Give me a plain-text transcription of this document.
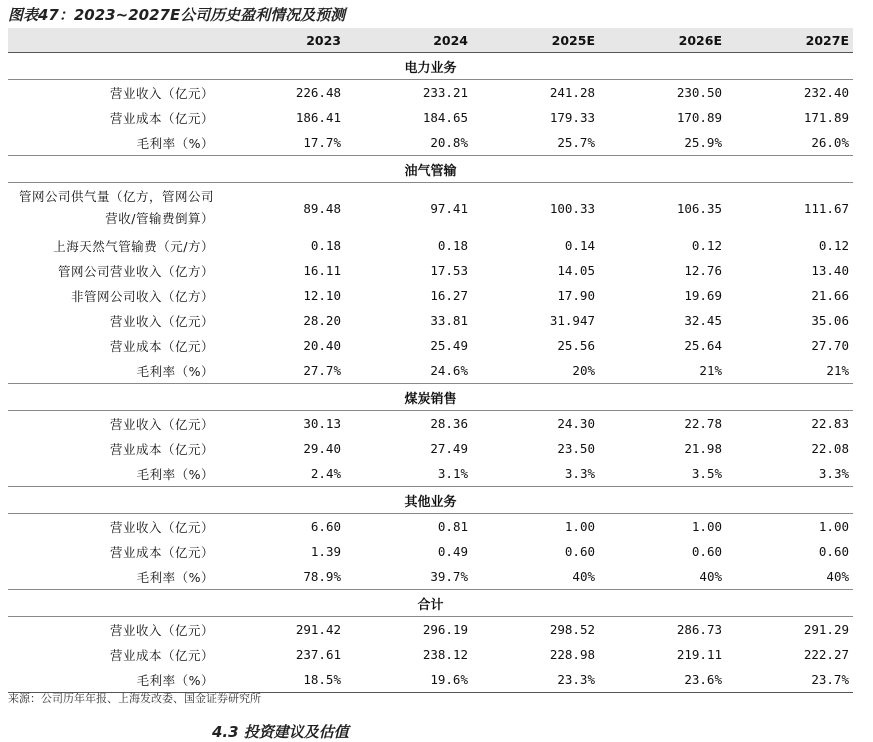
图表47：2023~2027E公司历史盈利情况及预测
	2023	2024	2025E	2026E	2027E
电力业务					
营业收入（亿元）	226.48	233.21	241.28	230.50	232.40
营业成本（亿元）	186.41	184.65	179.33	170.89	171.89
毛利率（%）	17.7%	20.8%	25.7%	25.9%	26.0%
油气管输					
管网公司供气量（亿方，管网公司营收/管输费倒算）	89.48	97.41	100.33	106.35	111.67
上海天然气管输费（元/方）	0.18	0.18	0.14	0.12	0.12
管网公司营业收入（亿方）	16.11	17.53	14.05	12.76	13.40
非管网公司收入（亿方）	12.10	16.27	17.90	19.69	21.66
营业收入（亿元）	28.20	33.81	31.947	32.45	35.06
营业成本（亿元）	20.40	25.49	25.56	25.64	27.70
毛利率（%）	27.7%	24.6%	20%	21%	21%
煤炭销售					
营业收入（亿元）	30.13	28.36	24.30	22.78	22.83
营业成本（亿元）	29.40	27.49	23.50	21.98	22.08
毛利率（%）	2.4%	3.1%	3.3%	3.5%	3.3%
其他业务					
营业收入（亿元）	6.60	0.81	1.00	1.00	1.00
营业成本（亿元）	1.39	0.49	0.60	0.60	0.60
毛利率（%）	78.9%	39.7%	40%	40%	40%
合计					
营业收入（亿元）	291.42	296.19	298.52	286.73	291.29
营业成本（亿元）	237.61	238.12	228.98	219.11	222.27
毛利率（%）	18.5%	19.6%	23.3%	23.6%	23.7%
来源：公司历年年报、上海发改委、国金证券研究所
4.3 投资建议及估值
